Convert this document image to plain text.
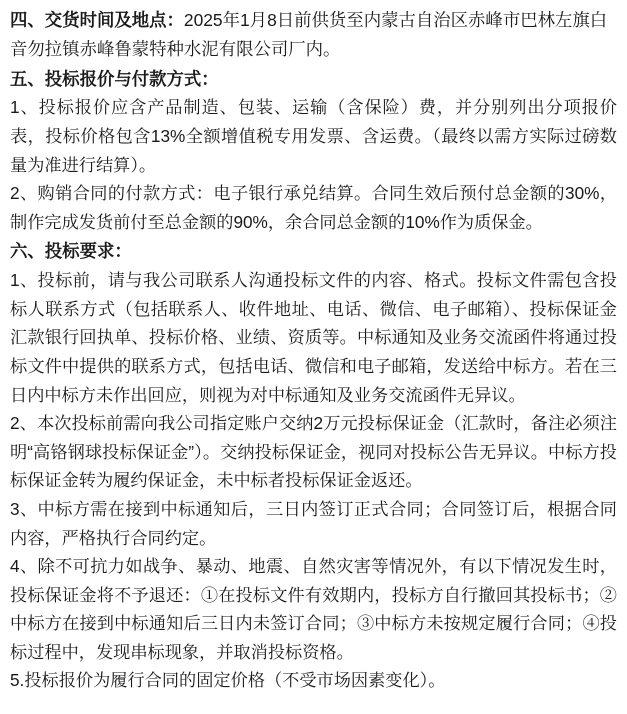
四、交货时间及地点：2025年1月8日前供货至内蒙古自治区赤峰市巴林左旗白音勿拉镇赤峰鲁蒙特种水泥有限公司厂内。

五、投标报价与付款方式：

1、投标报价应含产品制造、包装、运输（含保险）费，并分别列出分项报价表，投标价格包含13%全额增值税专用发票、含运费。（最终以需方实际过磅数量为准进行结算）。

2、购销合同的付款方式：电子银行承兑结算。合同生效后预付总金额的30%，制作完成发货前付至总金额的90%，余合同总金额的10%作为质保金。

六、投标要求：

1、投标前，请与我公司联系人沟通投标文件的内容、格式。投标文件需包含投标人联系方式（包括联系人、收件地址、电话、微信、电子邮箱）、投标保证金汇款银行回执单、投标价格、业绩、资质等。中标通知及业务交流函件将通过投标文件中提供的联系方式，包括电话、微信和电子邮箱，发送给中标方。若在三日内中标方未作出回应，则视为对中标通知及业务交流函件无异议。

2、本次投标前需向我公司指定账户交纳2万元投标保证金（汇款时，备注必须注明“高铬钢球投标保证金”）。交纳投标保证金，视同对投标公告无异议。中标方投标保证金转为履约保证金，未中标者投标保证金返还。

3、中标方需在接到中标通知后，三日内签订正式合同；合同签订后，根据合同内容，严格执行合同约定。

4、除不可抗力如战争、暴动、地震、自然灾害等情况外，有以下情况发生时，投标保证金将不予退还：①在投标文件有效期内，投标方自行撤回其投标书；②中标方在接到中标通知后三日内未签订合同；③中标方未按规定履行合同；④投标过程中，发现串标现象，并取消投标资格。

5.投标报价为履行合同的固定价格（不受市场因素变化）。
